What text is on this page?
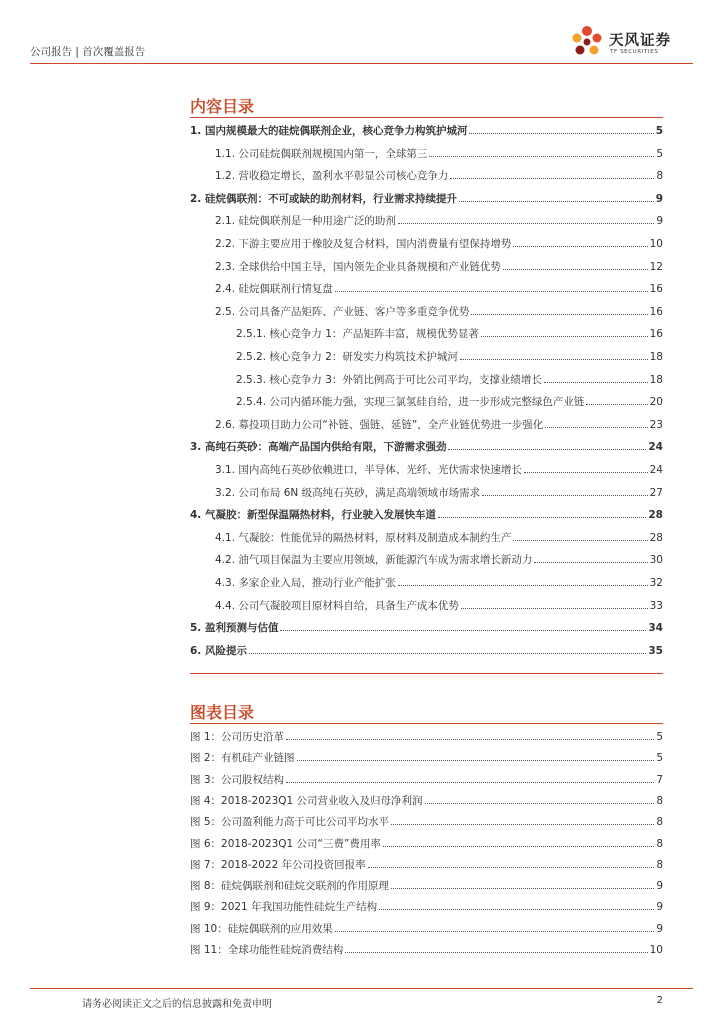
公司报告 | 首次覆盖报告
天风证券
TF SECURITIES
内容目录
1. 国内规模最大的硅烷偶联剂企业，核心竞争力构筑护城河	5
1.1. 公司硅烷偶联剂规模国内第一，全球第三	5
1.2. 营收稳定增长，盈利水平彰显公司核心竞争力	8
2. 硅烷偶联剂：不可或缺的助剂材料，行业需求持续提升	9
2.1. 硅烷偶联剂是一种用途广泛的助剂	9
2.2. 下游主要应用于橡胶及复合材料，国内消费量有望保持增势	10
2.3. 全球供给中国主导，国内领先企业具备规模和产业链优势	12
2.4. 硅烷偶联剂行情复盘	16
2.5. 公司具备产品矩阵、产业链、客户等多重竞争优势	16
2.5.1. 核心竞争力 1：产品矩阵丰富，规模优势显著	16
2.5.2. 核心竞争力 2：研发实力构筑技术护城河	18
2.5.3. 核心竞争力 3：外销比例高于可比公司平均，支撑业绩增长	18
2.5.4. 公司内循环能力强，实现三氯氢硅自给，进一步形成完整绿色产业链	20
2.6. 募投项目助力公司“补链、强链、延链”，全产业链优势进一步强化	23
3. 高纯石英砂：高端产品国内供给有限，下游需求强劲	24
3.1. 国内高纯石英砂依赖进口，半导体、光纤、光伏需求快速增长	24
3.2. 公司布局 6N 级高纯石英砂，满足高端领域市场需求	27
4. 气凝胶：新型保温隔热材料，行业驶入发展快车道	28
4.1. 气凝胶：性能优异的隔热材料，原材料及制造成本制约生产	28
4.2. 油气项目保温为主要应用领域，新能源汽车成为需求增长新动力	30
4.3. 多家企业入局，推动行业产能扩张	32
4.4. 公司气凝胶项目原材料自给，具备生产成本优势	33
5. 盈利预测与估值	34
6. 风险提示	35
图表目录
图 1：公司历史沿革	5
图 2：有机硅产业链图	5
图 3：公司股权结构	7
图 4：2018-2023Q1 公司营业收入及归母净利润	8
图 5：公司盈利能力高于可比公司平均水平	8
图 6：2018-2023Q1 公司“三费”费用率	8
图 7：2018-2022 年公司投资回报率	8
图 8：硅烷偶联剂和硅烷交联剂的作用原理	9
图 9：2021 年我国功能性硅烷生产结构	9
图 10：硅烷偶联剂的应用效果	9
图 11：全球功能性硅烷消费结构	10
请务必阅读正文之后的信息披露和免责申明	2
